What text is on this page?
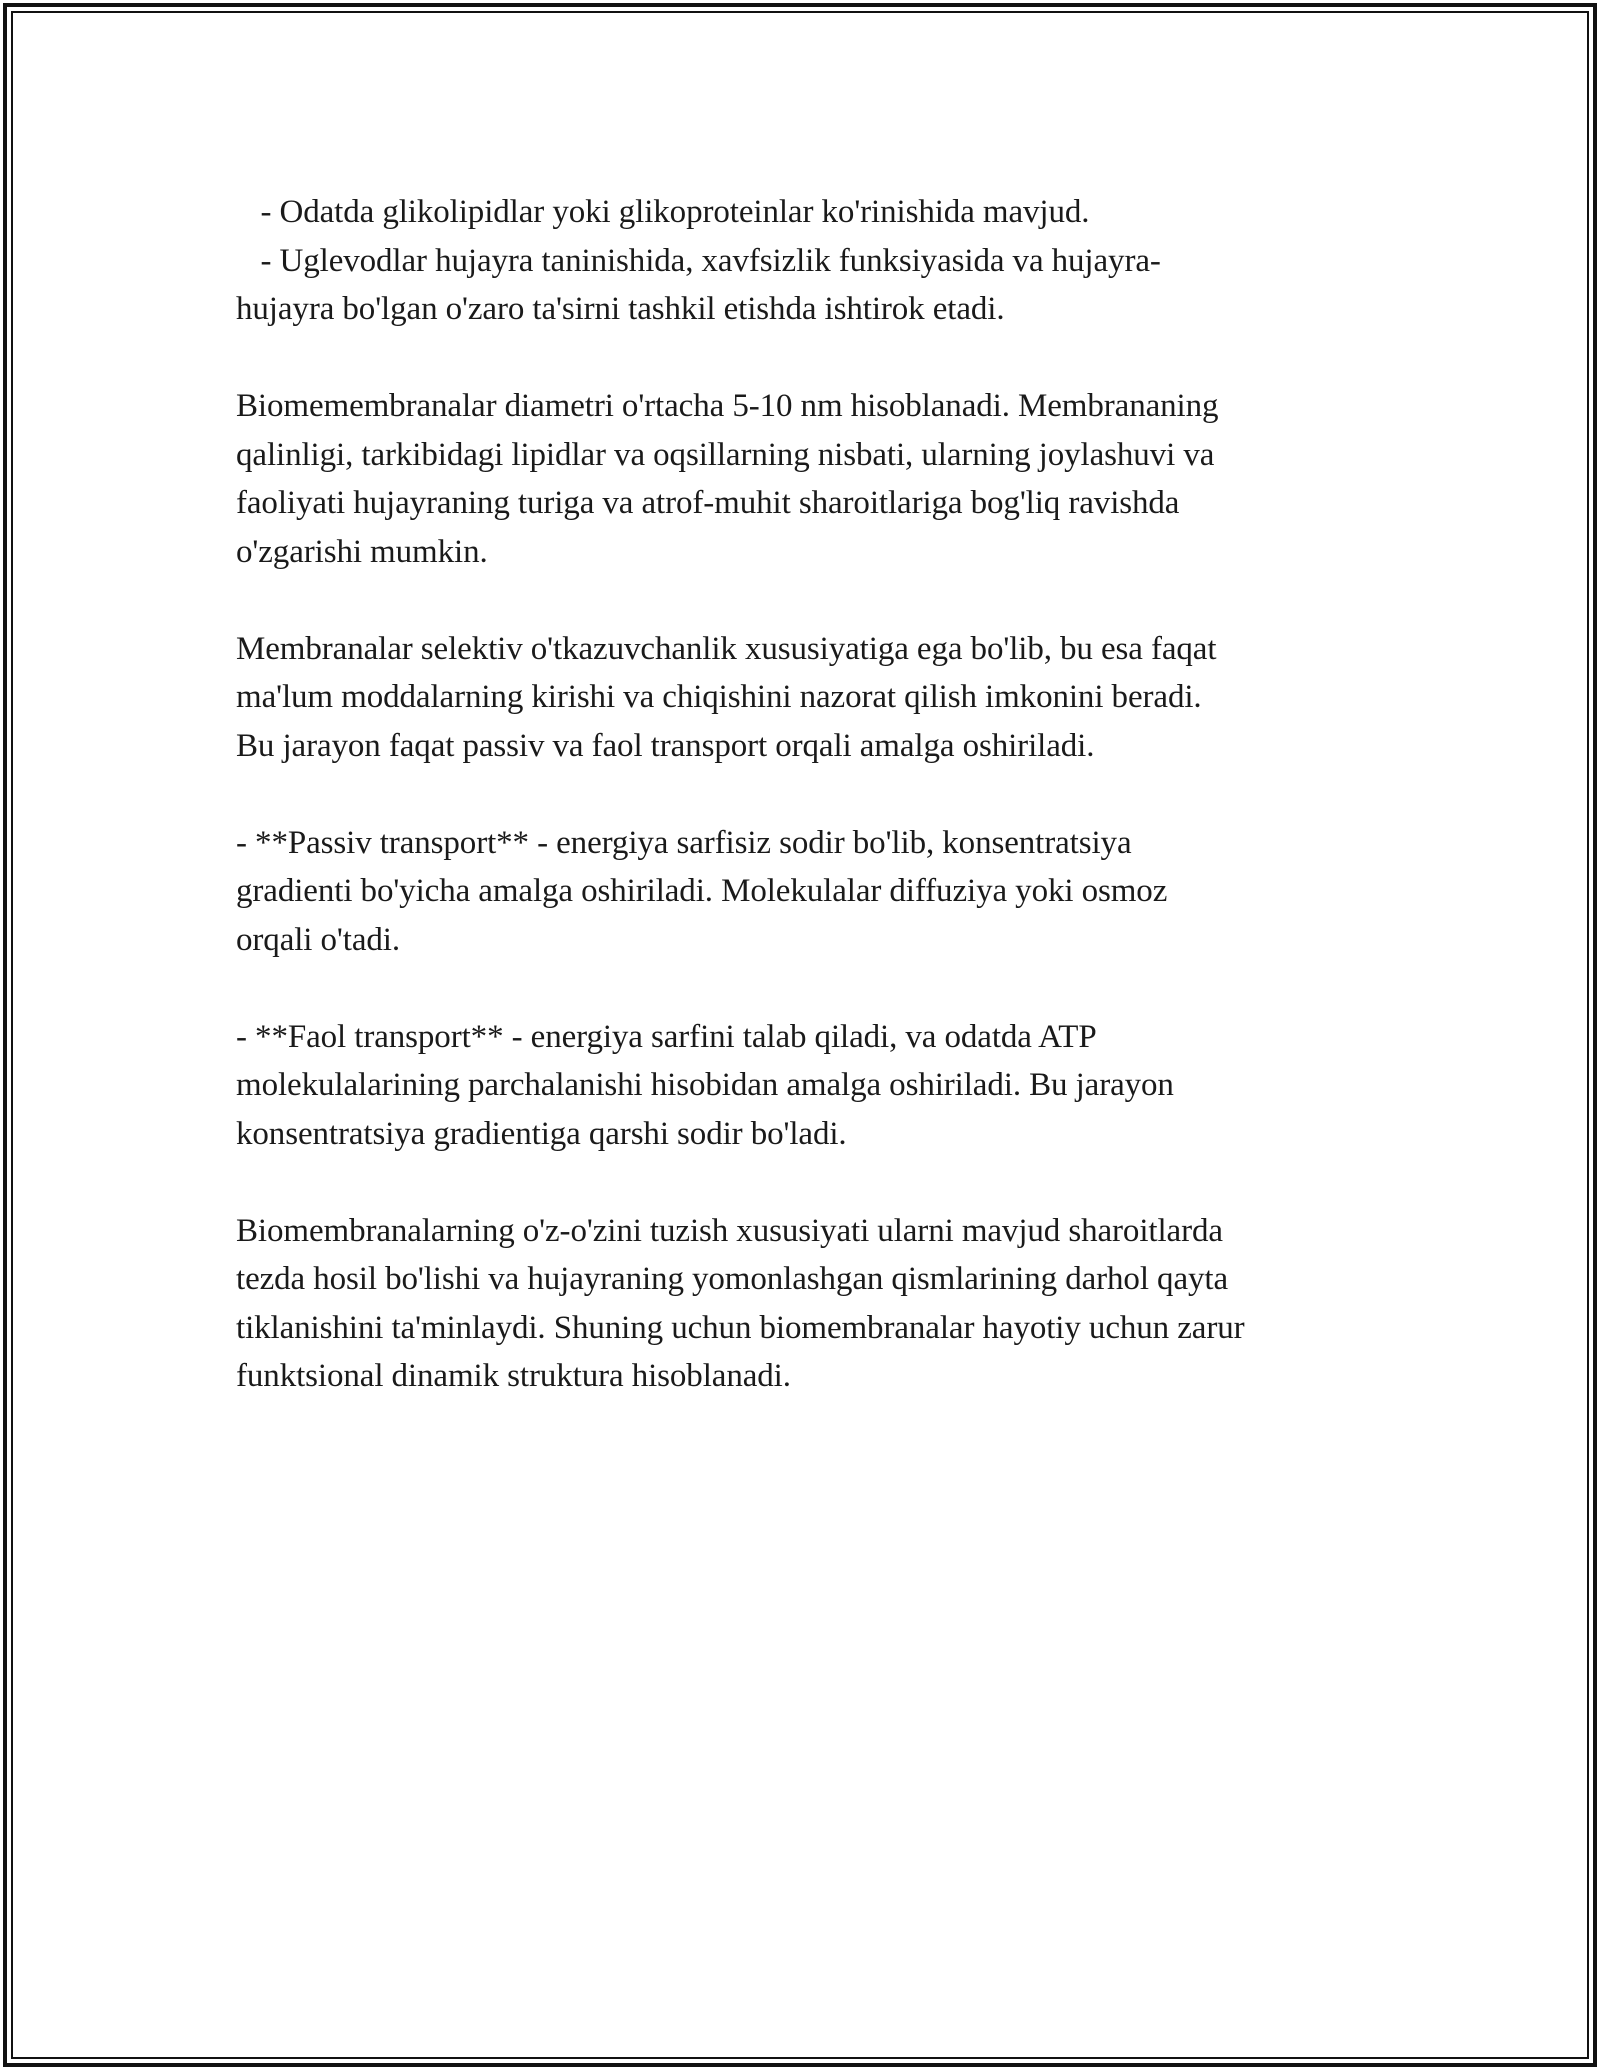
- Odatda glikolipidlar yoki glikoproteinlar ko'rinishida mavjud.
- Uglevodlar hujayra taninishida, xavfsizlik funksiyasida va hujayra-
hujayra bo'lgan o'zaro ta'sirni tashkil etishda ishtirok etadi.

Biomemembranalar diametri o'rtacha 5-10 nm hisoblanadi. Membrananing
qalinligi, tarkibidagi lipidlar va oqsillarning nisbati, ularning joylashuvi va
faoliyati hujayraning turiga va atrof-muhit sharoitlariga bog'liq ravishda
o'zgarishi mumkin.

Membranalar selektiv o'tkazuvchanlik xususiyatiga ega bo'lib, bu esa faqat
ma'lum moddalarning kirishi va chiqishini nazorat qilish imkonini beradi.
Bu jarayon faqat passiv va faol transport orqali amalga oshiriladi.

- **Passiv transport** - energiya sarfisiz sodir bo'lib, konsentratsiya
gradienti bo'yicha amalga oshiriladi. Molekulalar diffuziya yoki osmoz
orqali o'tadi.

- **Faol transport** - energiya sarfini talab qiladi, va odatda ATP
molekulalarining parchalanishi hisobidan amalga oshiriladi. Bu jarayon
konsentratsiya gradientiga qarshi sodir bo'ladi.

Biomembranalarning o'z-o'zini tuzish xususiyati ularni mavjud sharoitlarda
tezda hosil bo'lishi va hujayraning yomonlashgan qismlarining darhol qayta
tiklanishini ta'minlaydi. Shuning uchun biomembranalar hayotiy uchun zarur
funktsional dinamik struktura hisoblanadi.
